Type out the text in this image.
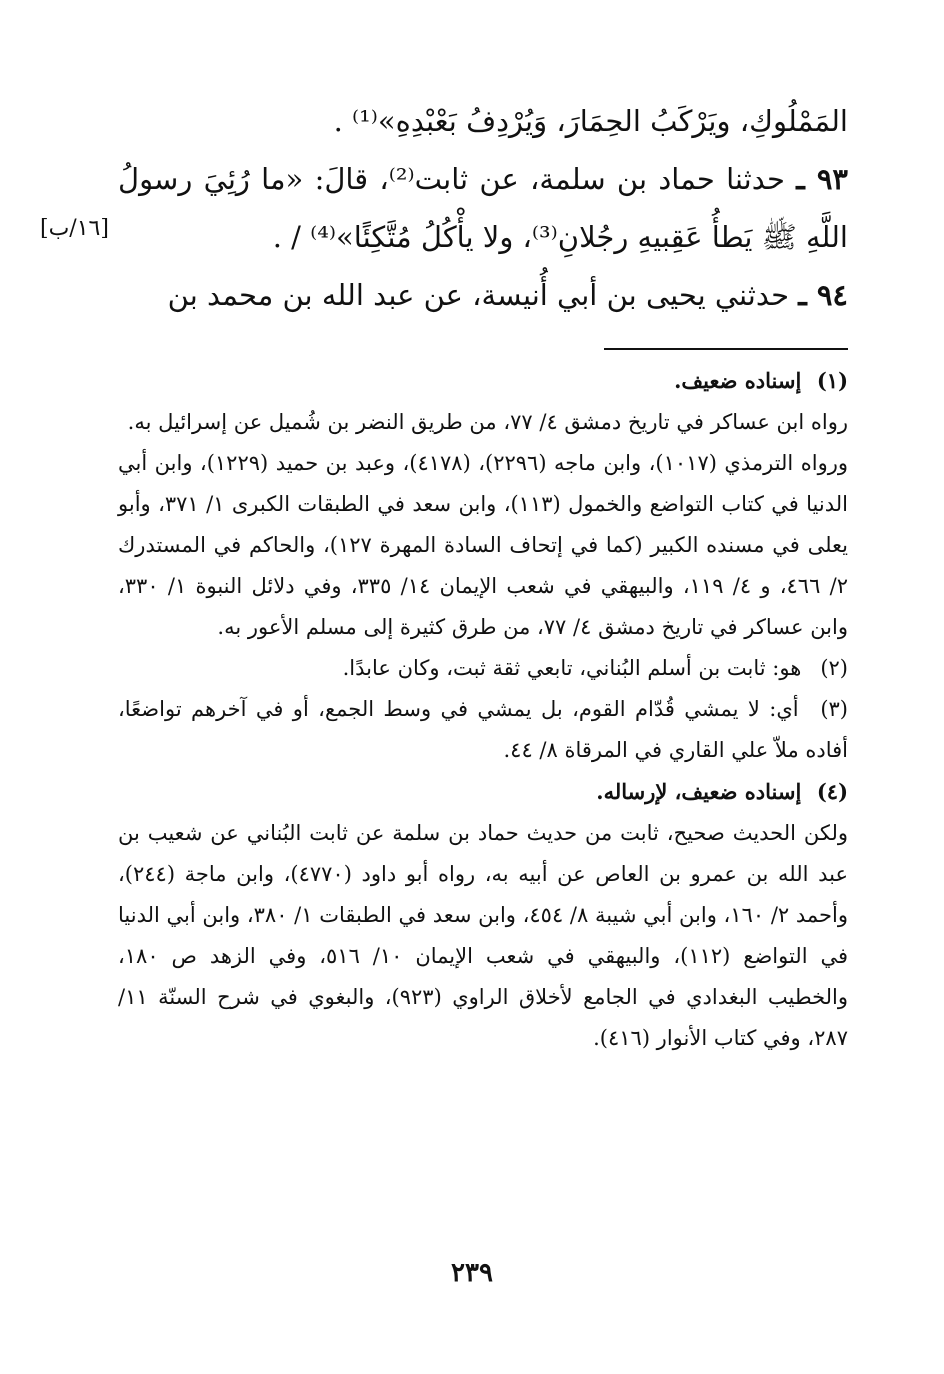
المَمْلُوكِ، ويَرْكَبُ الحِمَارَ، وَيُرْدِفُ بَعْبْدِهِ»⁽¹⁾ .

٩٣ ـ حدثنا حماد بن سلمة، عن ثابت⁽²⁾، قالَ: «ما رُئِيَ رسولُ اللَّهِ ﷺ يَطأُ عَقِبيهِ رجُلانِ⁽³⁾، ولا يأْكُلُ مُتَّكِئًا»⁽⁴⁾ / .

٩٤ ـ حدثني يحيى بن أبي أُنيسة، عن عبد الله بن محمد بن

[١٦/ب]

(١) إسناده ضعيف.

رواه ابن عساكر في تاريخ دمشق ٤/ ٧٧، من طريق النضر بن شُميل عن إسرائيل به.

ورواه الترمذي (١٠١٧)، وابن ماجه (٢٢٩٦)، (٤١٧٨)، وعبد بن حميد (١٢٢٩)، وابن أبي الدنيا في كتاب التواضع والخمول (١١٣)، وابن سعد في الطبقات الكبرى ١/ ٣٧١، وأبو يعلى في مسنده الكبير (كما في إتحاف السادة المهرة ١٢٧)، والحاكم في المستدرك ٢/ ٤٦٦، و ٤/ ١١٩، والبيهقي في شعب الإيمان ١٤/ ٣٣٥، وفي دلائل النبوة ١/ ٣٣٠، وابن عساكر في تاريخ دمشق ٤/ ٧٧، من طرق كثيرة إلى مسلم الأعور به.

(٢) هو: ثابت بن أسلم البُناني، تابعي ثقة ثبت، وكان عابدًا.

(٣) أي: لا يمشي قُدّام القوم، بل يمشي في وسط الجمع، أو في آخرهم تواضعًا، أفاده ملاّ علي القاري في المرقاة ٨/ ٤٤.

(٤) إسناده ضعيف، لإرساله.

ولكن الحديث صحيح، ثابت من حديث حماد بن سلمة عن ثابت البُناني عن شعيب بن عبد الله بن عمرو بن العاص عن أبيه به، رواه أبو داود (٤٧٧٠)، وابن ماجة (٢٤٤)، وأحمد ٢/ ١٦٠، وابن أبي شيبة ٨/ ٤٥٤، وابن سعد في الطبقات ١/ ٣٨٠، وابن أبي الدنيا في التواضع (١١٢)، والبيهقي في شعب الإيمان ١٠/ ٥١٦، وفي الزهد ص ١٨٠، والخطيب البغدادي في الجامع لأخلاق الراوي (٩٢٣)، والبغوي في شرح السنّة ١١/ ٢٨٧، وفي كتاب الأنوار (٤١٦).

٢٣٩
